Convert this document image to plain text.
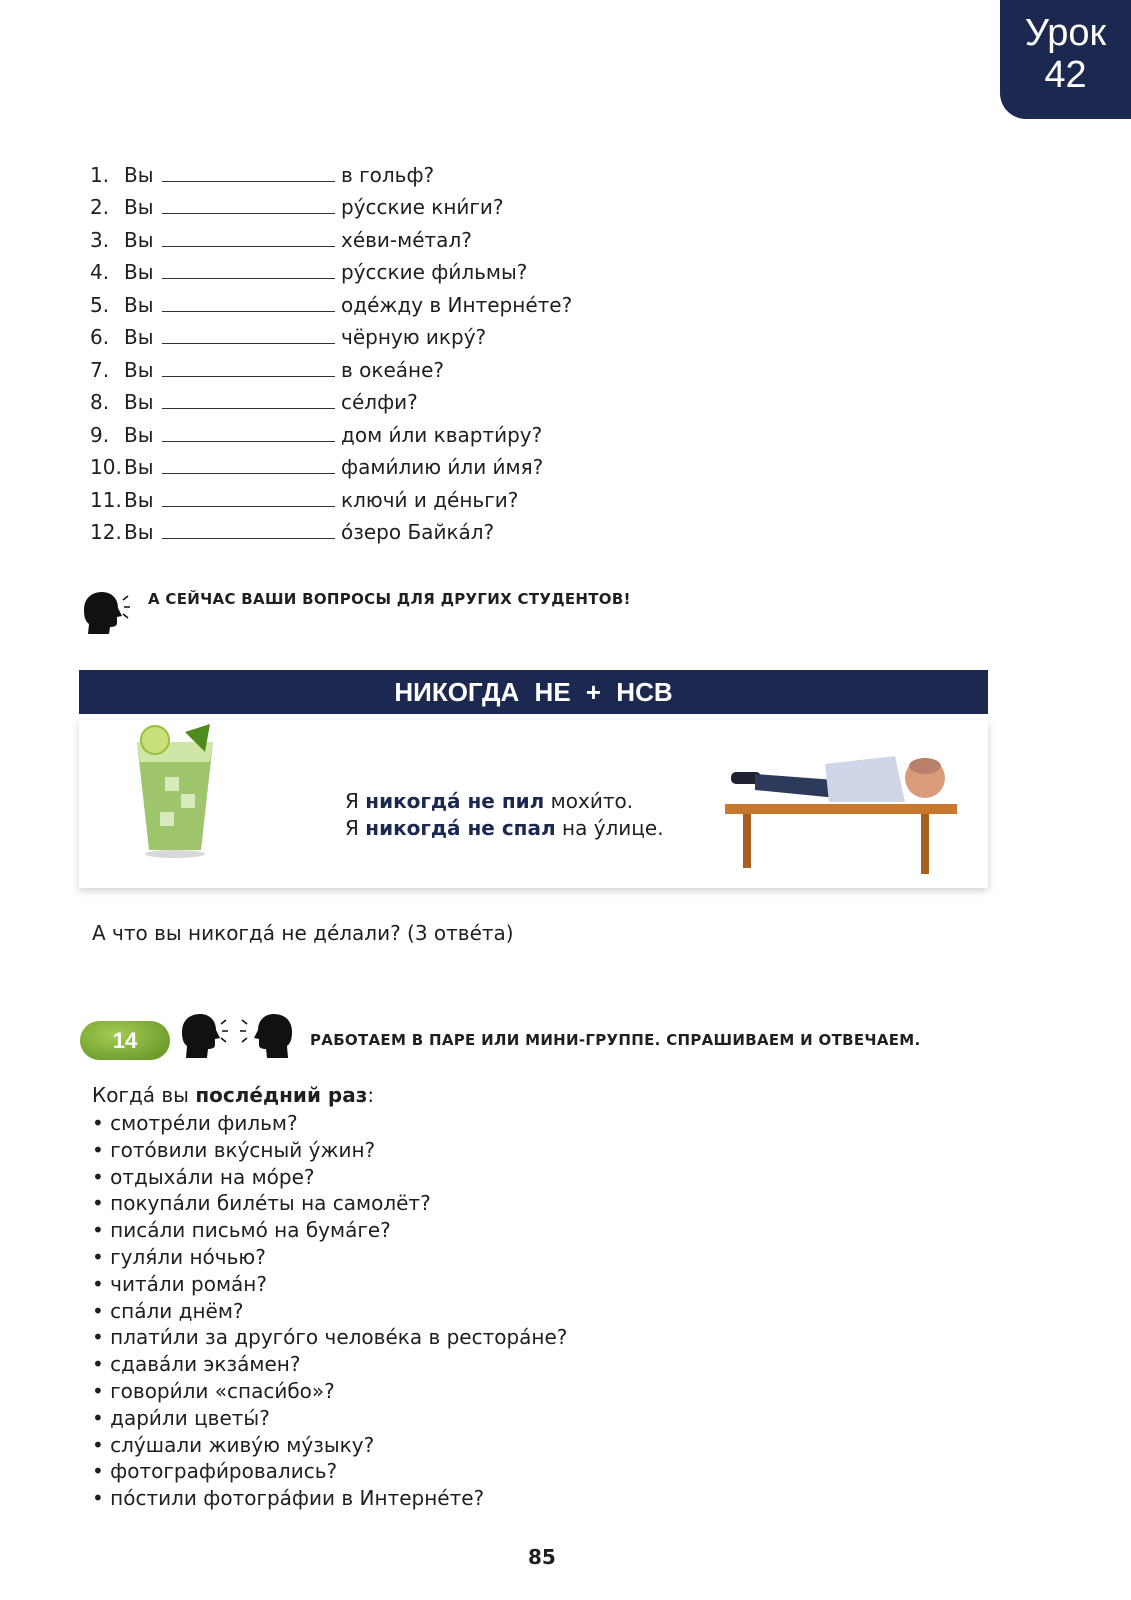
Урок
42
1. Вы	в гольф?
2. Вы	ру́сские кни́ги?
3. Вы	хе́ви-ме́тал?
4. Вы	ру́сские фи́льмы?
5. Вы	оде́жду в Интерне́те?
6. Вы	чёрную икру́?
7. Вы	в океа́не?
8. Вы	се́лфи?
9. Вы	дом и́ли кварти́ру?
10. Вы	фами́лию и́ли и́мя?
11. Вы	ключи́ и де́ньги?
12. Вы	о́зеро Байка́л?
А СЕЙЧАС ВАШИ ВОПРОСЫ ДЛЯ ДРУГИХ СТУДЕНТОВ!
НИКОГДА НЕ + НСВ
Я никогда́ не пил мохи́то.
Я никогда́ не спал на у́лице.
А что вы никогда́ не де́лали? (3 отве́та)
14	РАБОТАЕМ В ПАРЕ ИЛИ МИНИ-ГРУППЕ. СПРАШИВАЕМ И ОТВЕЧАЕМ.
Когда́ вы после́дний раз:
• смотре́ли фильм?
• гото́вили вку́сный у́жин?
• отдыха́ли на мо́ре?
• покупа́ли биле́ты на самолёт?
• писа́ли письмо́ на бума́ге?
• гуля́ли но́чью?
• чита́ли рома́н?
• спа́ли днём?
• плати́ли за друго́го челове́ка в рестора́не?
• сдава́ли экза́мен?
• говори́ли «спаси́бо»?
• дари́ли цветы́?
• слу́шали живу́ю му́зыку?
• фотографи́ровались?
• по́стили фотогра́фии в Интерне́те?
85
